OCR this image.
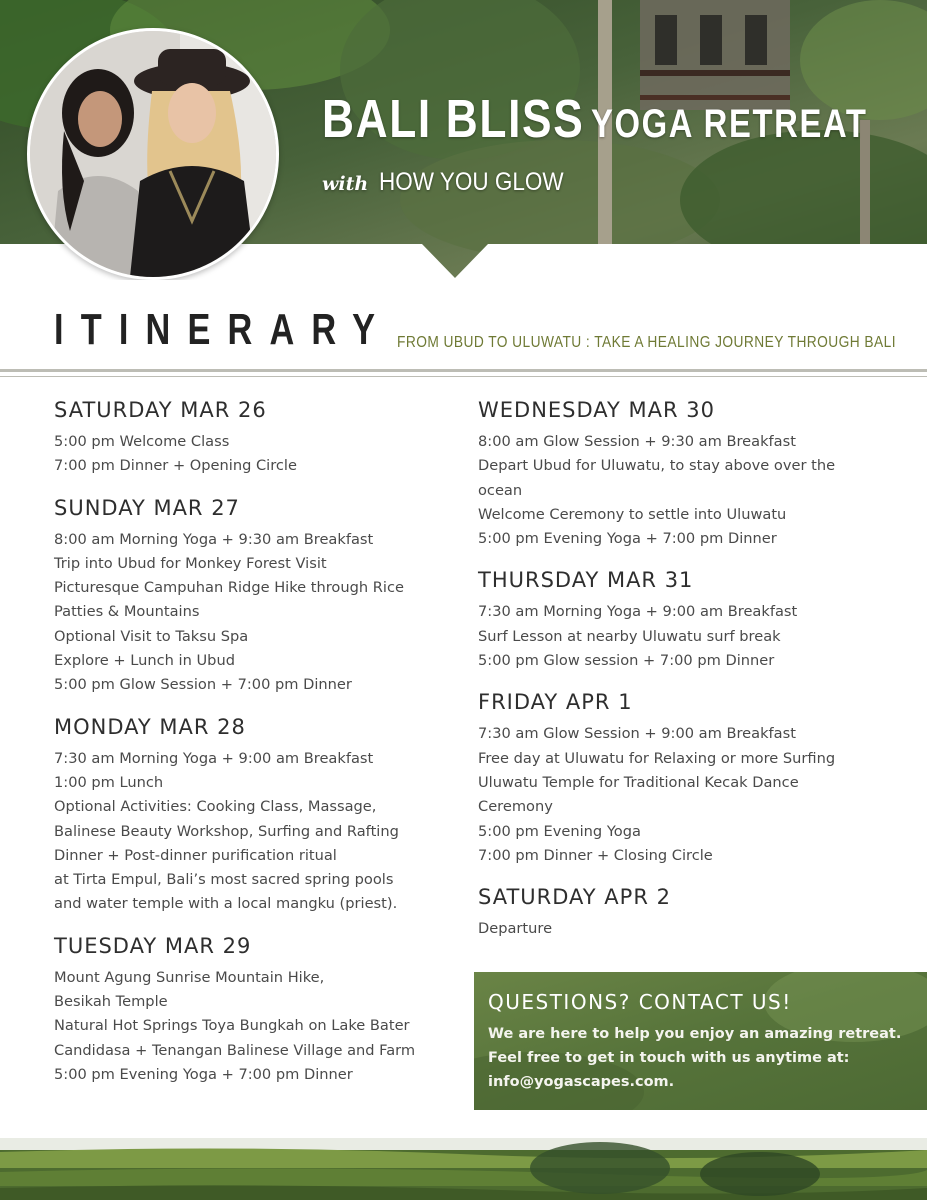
BALI BLISS YOGA RETREAT
with HOW YOU GLOW
ITINERARY FROM UBUD TO ULUWATU : TAKE A HEALING JOURNEY THROUGH BALI
SATURDAY MAR 26
5:00 pm Welcome Class
7:00 pm Dinner + Opening Circle
SUNDAY MAR 27
8:00 am Morning Yoga + 9:30 am Breakfast
Trip into Ubud for Monkey Forest Visit
Picturesque Campuhan Ridge Hike through Rice
Patties & Mountains
Optional Visit to Taksu Spa
Explore + Lunch in Ubud
5:00 pm Glow Session + 7:00 pm Dinner
MONDAY MAR 28
7:30 am Morning Yoga + 9:00 am Breakfast
1:00 pm Lunch
Optional Activities: Cooking Class, Massage,
Balinese Beauty Workshop, Surfing and Rafting
Dinner + Post-dinner purification ritual
at Tirta Empul, Bali’s most sacred spring pools
and water temple with a local mangku (priest).
TUESDAY MAR 29
Mount Agung Sunrise Mountain Hike,
Besikah Temple
Natural Hot Springs Toya Bungkah on Lake Bater
Candidasa + Tenangan Balinese Village and Farm
5:00 pm Evening Yoga + 7:00 pm Dinner
WEDNESDAY MAR 30
8:00 am Glow Session + 9:30 am Breakfast
Depart Ubud for Uluwatu, to stay above over the
ocean
Welcome Ceremony to settle into Uluwatu
5:00 pm Evening Yoga + 7:00 pm Dinner
THURSDAY MAR 31
7:30 am Morning Yoga + 9:00 am Breakfast
Surf Lesson at nearby Uluwatu surf break
5:00 pm Glow session + 7:00 pm Dinner
FRIDAY APR 1
7:30 am Glow Session + 9:00 am Breakfast
Free day at Uluwatu for Relaxing or more Surfing
Uluwatu Temple for Traditional Kecak Dance
Ceremony
5:00 pm Evening Yoga
7:00 pm Dinner + Closing Circle
SATURDAY APR 2
Departure
QUESTIONS? CONTACT US!
We are here to help you enjoy an amazing retreat.
Feel free to get in touch with us anytime at:
info@yogascapes.com.
